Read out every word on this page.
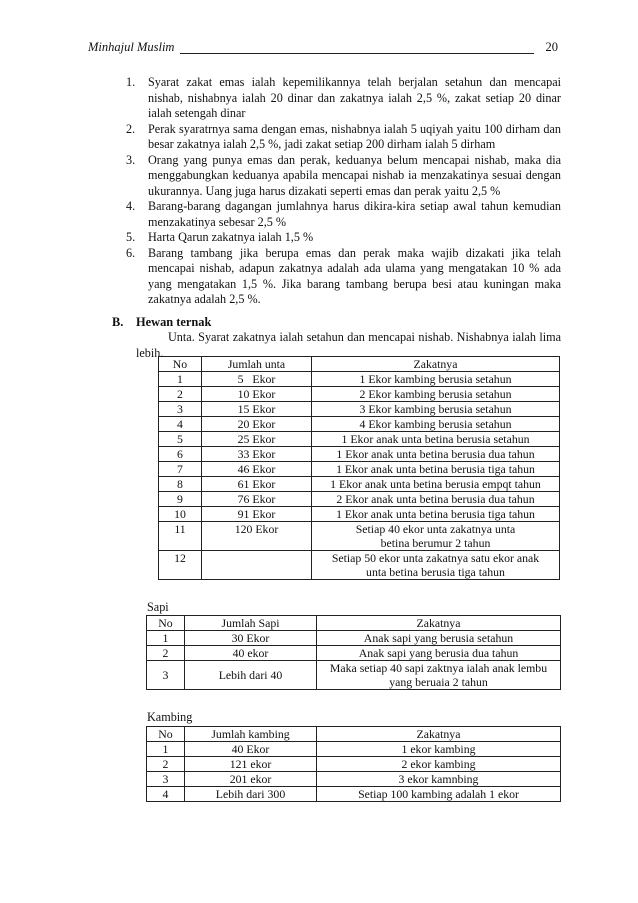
Minhajul Muslim	20
1. Syarat zakat emas ialah kepemilikannya telah berjalan setahun dan mencapai nishab, nishabnya ialah 20 dinar dan zakatnya ialah 2,5 %, zakat setiap 20 dinar ialah setengah dinar
2. Perak syaratrnya sama dengan emas, nishabnya ialah 5 uqiyah yaitu 100 dirham dan besar zakatnya ialah 2,5 %, jadi zakat setiap 200 dirham ialah 5 dirham
3. Orang yang punya emas dan perak, keduanya belum mencapai nishab, maka dia menggabungkan keduanya apabila mencapai nishab ia menzakatinya sesuai dengan ukurannya. Uang juga harus dizakati seperti emas dan perak yaitu 2,5 %
4. Barang-barang dagangan jumlahnya harus dikira-kira setiap awal tahun kemudian menzakatinya sebesar 2,5 %
5. Harta Qarun zakatnya ialah 1,5 %
6. Barang tambang jika berupa emas dan perak maka wajib dizakati jika telah mencapai nishab, adapun zakatnya adalah ada ulama yang mengatakan 10 % ada yang mengatakan 1,5 %. Jika barang tambang berupa besi atau kuningan maka zakatnya adalah 2,5 %.
B. Hewan ternak
Unta. Syarat zakatnya ialah setahun dan mencapai nishab. Nishabnya ialah lima lebih.
No	Jumlah unta	Zakatnya
1	5   Ekor	1 Ekor kambing berusia setahun
2	10 Ekor	2 Ekor kambing berusia setahun
3	15 Ekor	3 Ekor kambing berusia setahun
4	20 Ekor	4 Ekor kambing berusia setahun
5	25 Ekor	1 Ekor anak unta betina berusia setahun
6	33 Ekor	1 Ekor anak unta betina berusia dua tahun
7	46 Ekor	1 Ekor anak unta betina berusia tiga tahun
8	61 Ekor	1 Ekor anak unta betina berusia empqt tahun
9	76 Ekor	2 Ekor anak unta betina berusia dua tahun
10	91 Ekor	1 Ekor anak unta betina berusia tiga tahun
11	120 Ekor	Setiap 40 ekor unta zakatnya unta betina berumur 2 tahun
12		Setiap 50 ekor unta zakatnya satu ekor anak unta betina berusia tiga tahun
Sapi
No	Jumlah Sapi	Zakatnya
1	30 Ekor	Anak sapi yang berusia setahun
2	40 ekor	Anak sapi yang berusia dua tahun
3	Lebih dari 40	Maka setiap 40 sapi zaktnya ialah anak lembu yang beruaia 2 tahun
Kambing
No	Jumlah kambing	Zakatnya
1	40 Ekor	1 ekor kambing
2	121 ekor	2 ekor kambing
3	201 ekor	3 ekor kamnbing
4	Lebih dari 300	Setiap 100 kambing adalah 1 ekor
